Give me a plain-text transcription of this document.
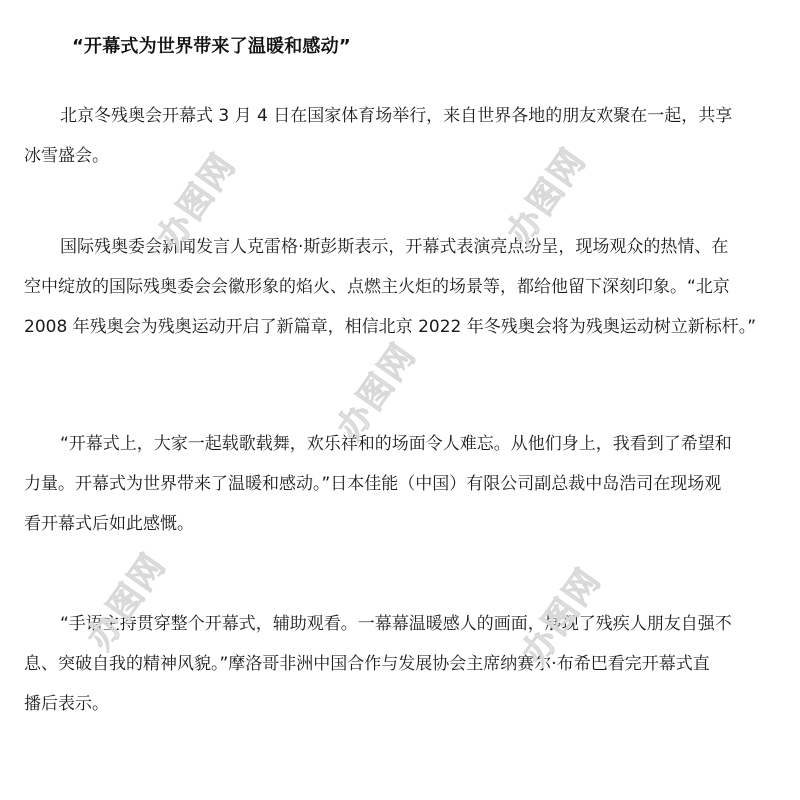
“开幕式为世界带来了温暖和感动”
北京冬残奥会开幕式 3 月 4 日在国家体育场举行，来自世界各地的朋友欢聚在一起，共享
冰雪盛会。
国际残奥委会新闻发言人克雷格·斯彭斯表示，开幕式表演亮点纷呈，现场观众的热情、在
空中绽放的国际残奥委会会徽形象的焰火、点燃主火炬的场景等，都给他留下深刻印象。“北京
2008 年残奥会为残奥运动开启了新篇章，相信北京 2022 年冬残奥会将为残奥运动树立新标杆。”
“开幕式上，大家一起载歌载舞，欢乐祥和的场面令人难忘。从他们身上，我看到了希望和
力量。开幕式为世界带来了温暖和感动。”日本佳能（中国）有限公司副总裁中岛浩司在现场观
看开幕式后如此感慨。
“手语主持贯穿整个开幕式，辅助观看。一幕幕温暖感人的画面，展现了残疾人朋友自强不
息、突破自我的精神风貌。”摩洛哥非洲中国合作与发展协会主席纳赛尔·布希巴看完开幕式直
播后表示。
办图网	办图网
办图网
办图网	办图网
